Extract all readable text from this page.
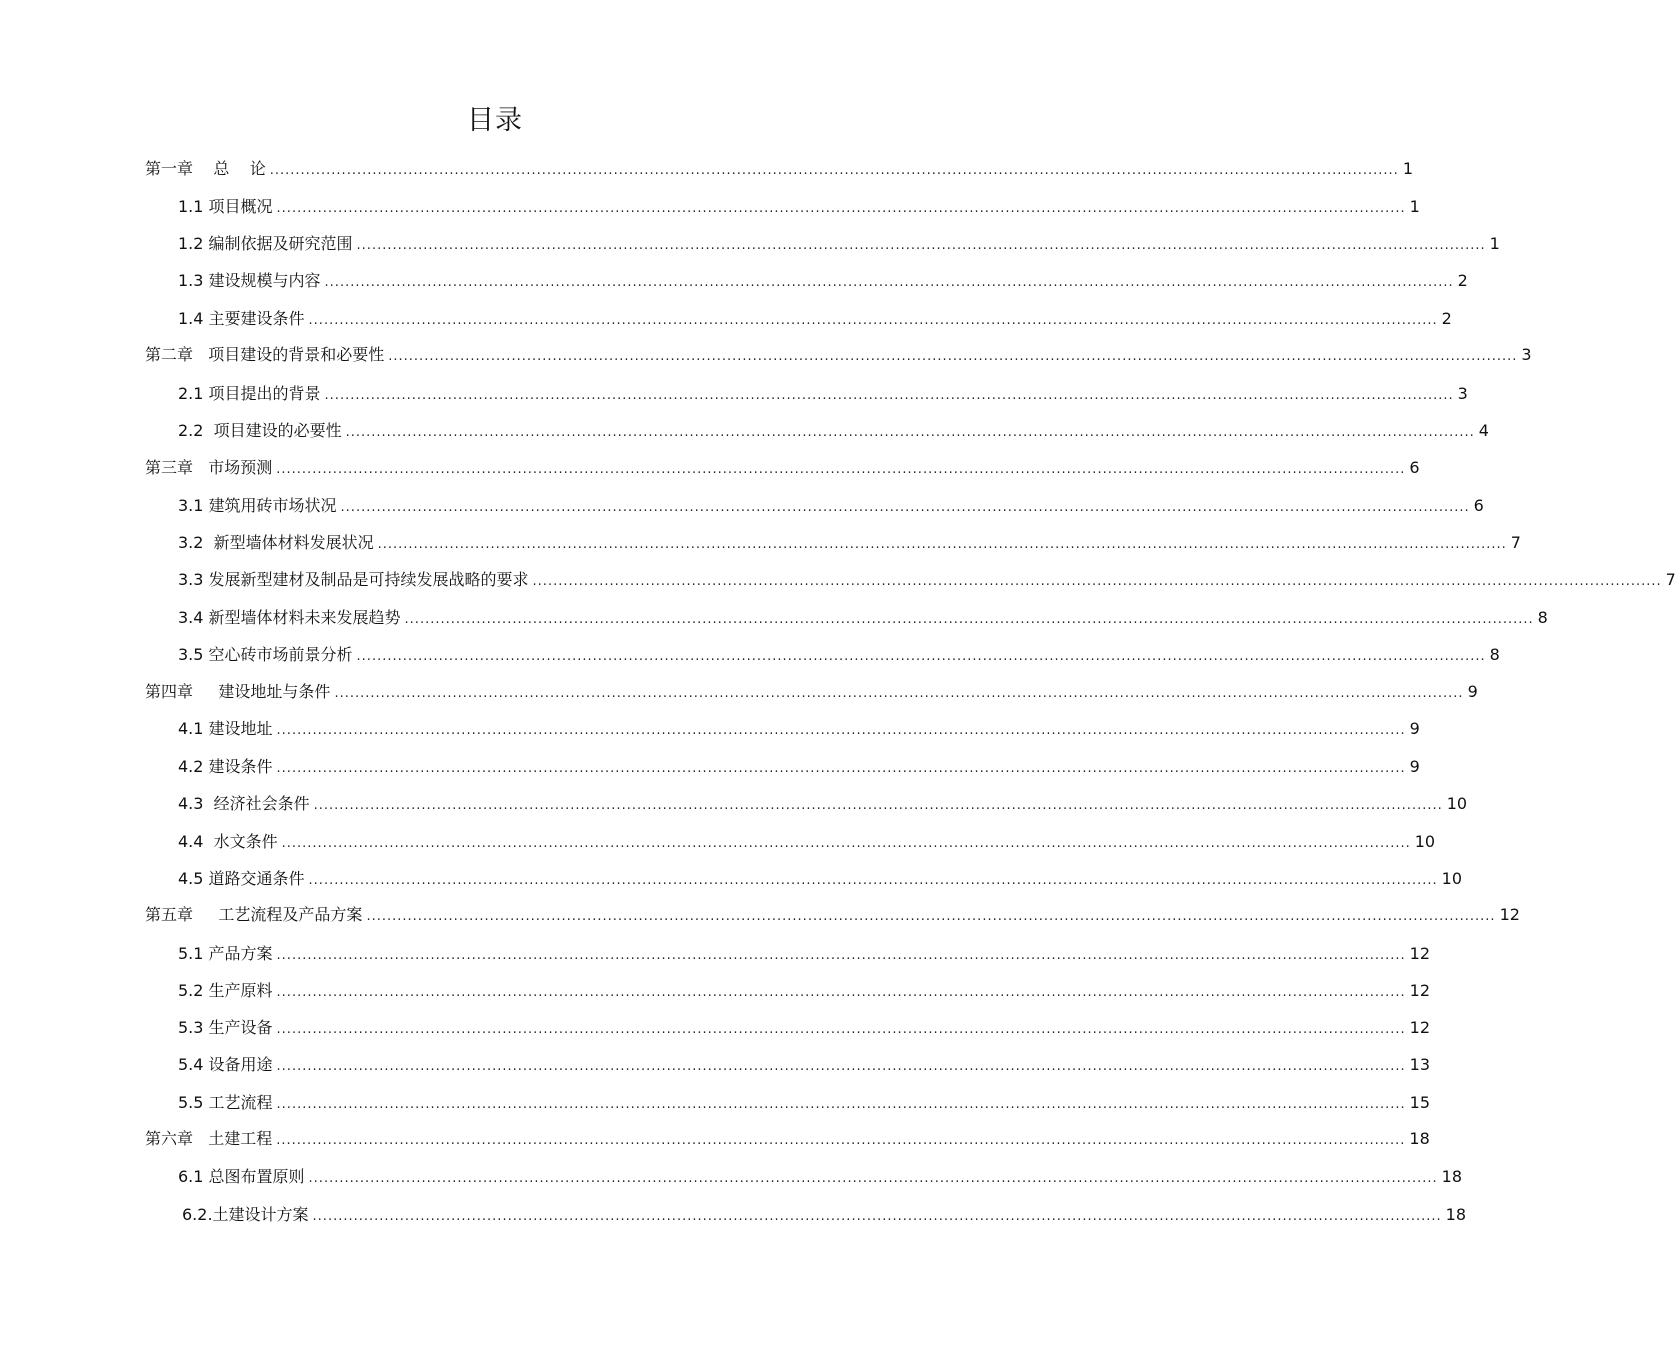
目录
第一章    总    论 ............................................................................................................................................................................................................................ 1
1.1 项目概况 ............................................................................................................................................................................................................................ 1
1.2 编制依据及研究范围 ............................................................................................................................................................................................................................ 1
1.3 建设规模与内容 ............................................................................................................................................................................................................................ 2
1.4 主要建设条件 ............................................................................................................................................................................................................................ 2
第二章   项目建设的背景和必要性 ............................................................................................................................................................................................................................ 3
2.1 项目提出的背景 ............................................................................................................................................................................................................................ 3
2.2  项目建设的必要性 ............................................................................................................................................................................................................................ 4
第三章   市场预测 ............................................................................................................................................................................................................................ 6
3.1 建筑用砖市场状况 ............................................................................................................................................................................................................................ 6
3.2  新型墙体材料发展状况 ............................................................................................................................................................................................................................ 7
3.3 发展新型建材及制品是可持续发展战略的要求 ............................................................................................................................................................................................................................ 7
3.4 新型墙体材料未来发展趋势 ............................................................................................................................................................................................................................ 8
3.5 空心砖市场前景分析 ............................................................................................................................................................................................................................ 8
第四章     建设地址与条件 ............................................................................................................................................................................................................................ 9
4.1 建设地址 ............................................................................................................................................................................................................................ 9
4.2 建设条件 ............................................................................................................................................................................................................................ 9
4.3  经济社会条件 ............................................................................................................................................................................................................................ 10
4.4  水文条件 ............................................................................................................................................................................................................................ 10
4.5 道路交通条件 ............................................................................................................................................................................................................................ 10
第五章     工艺流程及产品方案 ............................................................................................................................................................................................................................ 12
5.1 产品方案 ............................................................................................................................................................................................................................ 12
5.2 生产原料 ............................................................................................................................................................................................................................ 12
5.3 生产设备 ............................................................................................................................................................................................................................ 12
5.4 设备用途 ............................................................................................................................................................................................................................ 13
5.5 工艺流程 ............................................................................................................................................................................................................................ 15
第六章   土建工程 ............................................................................................................................................................................................................................ 18
6.1 总图布置原则 ............................................................................................................................................................................................................................ 18
6.2.土建设计方案 ............................................................................................................................................................................................................................ 18
